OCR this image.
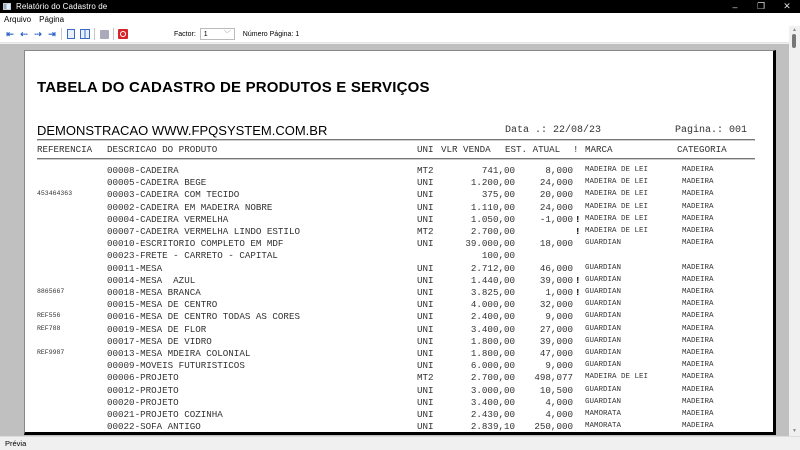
Relatório do Cadastro de	–	❐	✕
Arquivo	Página
⇤ ⇠ ⇢ ⇥	Factor: 1 ﹀ Número Página: 1
TABELA DO CADASTRO DE PRODUTOS E SERVIÇOS
DEMONSTRACAO WWW.FPQSYSTEM.COM.BR	Data .: 22/08/23	Pagina.: 001

REFERENCIA

DESCRICAO DO PRODUTO

	UNI

VLR VENDA

EST. ATUAL

!

MARCA

	CATEGORIA

00008-CADEIRA	MT2	741,00	8,000 MADEIRA DE LEI	MADEIRA
00005-CADEIRA BEGE	UNI	1.200,00	24,000 MADEIRA DE LEI	MADEIRA
453464363	00003-CADEIRA COM TECIDO	UNI	375,00	20,000 MADEIRA DE LEI	MADEIRA
00002-CADEIRA EM MADEIRA NOBRE	UNI	1.110,00	24,000 MADEIRA DE LEI	MADEIRA
00004-CADEIRA VERMELHA	UNI	1.050,00	-1,000 ! MADEIRA DE LEI	MADEIRA
00007-CADEIRA VERMELHA LINDO ESTILO	MT2	2.700,00	! MADEIRA DE LEI	MADEIRA
00010-ESCRITORIO COMPLETO EM MDF	UNI	39.000,00	18,000 GUARDIAN	MADEIRA
00023-FRETE - CARRETO - CAPITAL	100,00
00011-MESA	UNI	2.712,00	46,000 GUARDIAN	MADEIRA
00014-MESA  AZUL	UNI	1.440,00	39,000 ! GUARDIAN	MADEIRA
8865667	00018-MESA BRANCA	UNI	3.825,00	1,000 ! GUARDIAN	MADEIRA
00015-MESA DE CENTRO	UNI	4.000,00	32,000 GUARDIAN	MADEIRA
REF556	00016-MESA DE CENTRO TODAS AS CORES	UNI	2.400,00	9,000 GUARDIAN	MADEIRA
REF788	00019-MESA DE FLOR	UNI	3.400,00	27,000 GUARDIAN	MADEIRA
00017-MESA DE VIDRO	UNI	1.800,00	39,000 GUARDIAN	MADEIRA
REF9987	00013-MESA MDEIRA COLONIAL	UNI	1.800,00	47,000 GUARDIAN	MADEIRA
00009-MOVEIS FUTURISTICOS	UNI	6.000,00	9,000 GUARDIAN	MADEIRA
00006-PROJETO	MT2	2.700,00	498,077 MADEIRA DE LEI	MADEIRA
00012-PROJETO	UNI	3.000,00	10,500 GUARDIAN	MADEIRA
00020-PROJETO	UNI	3.400,00	4,000 GUARDIAN	MADEIRA
00021-PROJETO COZINHA	UNI	2.430,00	4,000 MAMORATA	MADEIRA
00022-SOFA ANTIGO	UNI	2.839,10	250,000 MAMORATA	MADEIRA
▲
▼
Prévia
